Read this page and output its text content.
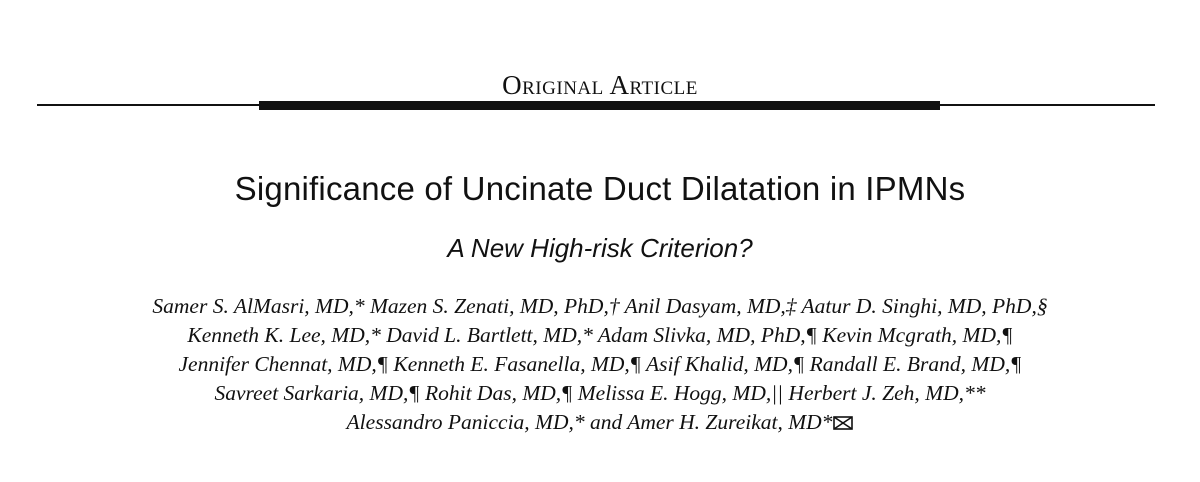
Original Article
Significance of Uncinate Duct Dilatation in IPMNs
A New High-risk Criterion?
Samer S. AlMasri, MD,* Mazen S. Zenati, MD, PhD,† Anil Dasyam, MD,‡ Aatur D. Singhi, MD, PhD,§
Kenneth K. Lee, MD,* David L. Bartlett, MD,* Adam Slivka, MD, PhD,¶ Kevin Mcgrath, MD,¶
Jennifer Chennat, MD,¶ Kenneth E. Fasanella, MD,¶ Asif Khalid, MD,¶ Randall E. Brand, MD,¶
Savreet Sarkaria, MD,¶ Rohit Das, MD,¶ Melissa E. Hogg, MD,|| Herbert J. Zeh, MD,**
Alessandro Paniccia, MD,* and Amer H. Zureikat, MD*
